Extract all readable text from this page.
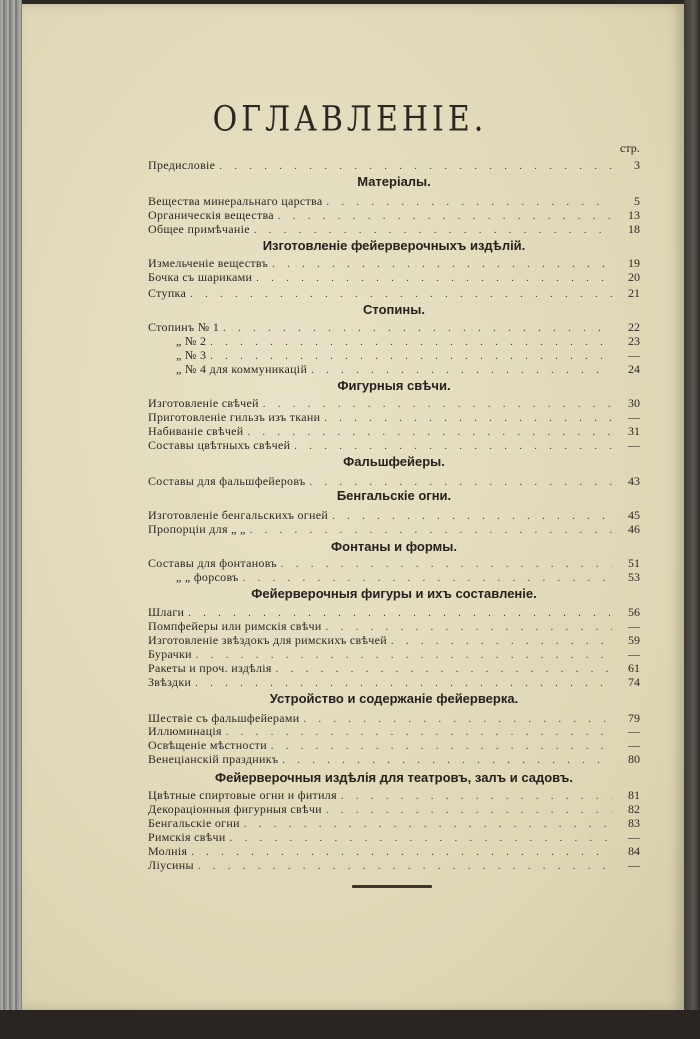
ОГЛАВЛЕНІЕ.
стр.
Предисловіе . . .	3
Матеріалы.
Вещества минеральнаго царства . . .	5
Органическія вещества . . .	13
Общее примѣчаніе . . .	18
Изготовленіе фейерверочныхъ издѣлій.
Измельченіе веществъ . . .	19
Бочка съ шариками . . .	20
Ступка . . .	21
Стопины.
Стопинъ № 1 . . .	22
„ № 2 . . .	23
„ № 3 . . .	—
„ № 4 для коммуникацій . . .	24
Фигурныя свѣчи.
Изготовленіе свѣчей . . .	30
Приготовленіе гильзъ изъ ткани . . .	—
Набиваніе свѣчей . . .	31
Составы цвѣтныхъ свѣчей . . .	—
Фальшфейеры.
Составы для фальшфейеровъ . . .	43
Бенгальскіе огни.
Изготовленіе бенгальскихъ огней . . .	45
Пропорціи для „ „ . . .	46
Фонтаны и формы.
Составы для фонтановъ . . .	51
„ „ форсовъ . . .	53
Фейерверочныя фигуры и ихъ составленіе.
Шлаги . . .	56
Помпфейеры или римскія свѣчи . . .	—
Изготовленіе звѣздокъ для римскихъ свѣчей . . .	59
Бурачки . . .	—
Ракеты и проч. издѣлія . . .	61
Звѣздки . . .	74
Устройство и содержаніе фейерверка.
Шествіе съ фальшфейерами . . .	79
Иллюминація . . .	—
Освѣщеніе мѣстности . . .	—
Венеціанскій праздникъ . . .	80
Фейерверочныя издѣлія для театровъ, залъ и садовъ.
Цвѣтные спиртовые огни и фитиля . . .	81
Декораціонныя фигурныя свѣчи . . .	82
Бенгальскіе огни . . .	83
Римскія свѣчи . . .	—
Молнія . . .	84
Лiусины . . .	—
